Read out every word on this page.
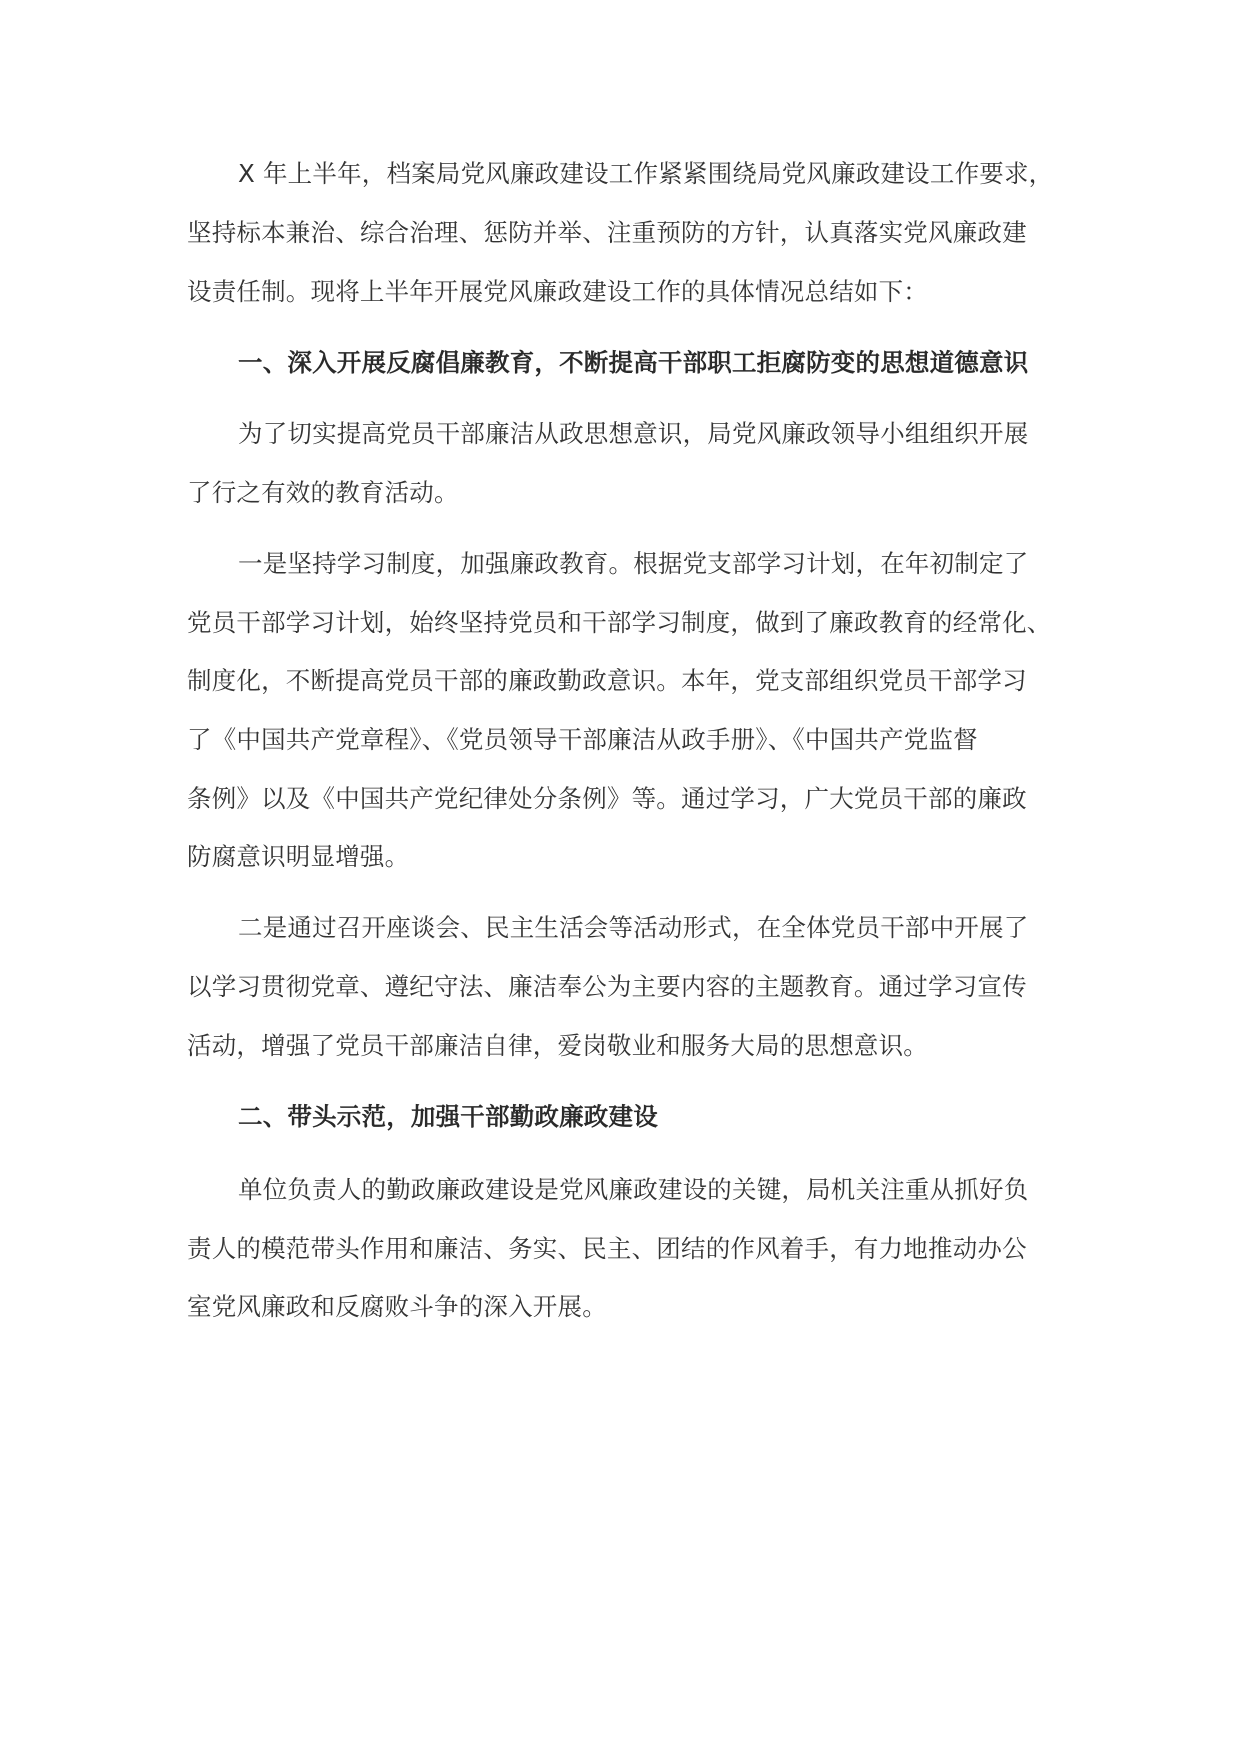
X 年上半年，档案局党风廉政建设工作紧紧围绕局党风廉政建设工作要求，

坚持标本兼治、综合治理、惩防并举、注重预防的方针，认真落实党风廉政建

设责任制。现将上半年开展党风廉政建设工作的具体情况总结如下：

一、深入开展反腐倡廉教育，不断提高干部职工拒腐防变的思想道德意识

为了切实提高党员干部廉洁从政思想意识，局党风廉政领导小组组织开展

了行之有效的教育活动。

一是坚持学习制度，加强廉政教育。根据党支部学习计划，在年初制定了

党员干部学习计划，始终坚持党员和干部学习制度，做到了廉政教育的经常化、

制度化，不断提高党员干部的廉政勤政意识。本年，党支部组织党员干部学习

了《中国共产党章程》、《党员领导干部廉洁从政手册》、《中国共产党监督

条例》以及《中国共产党纪律处分条例》等。通过学习，广大党员干部的廉政

防腐意识明显增强。

二是通过召开座谈会、民主生活会等活动形式，在全体党员干部中开展了

以学习贯彻党章、遵纪守法、廉洁奉公为主要内容的主题教育。通过学习宣传

活动，增强了党员干部廉洁自律，爱岗敬业和服务大局的思想意识。

二、带头示范，加强干部勤政廉政建设

单位负责人的勤政廉政建设是党风廉政建设的关键，局机关注重从抓好负

责人的模范带头作用和廉洁、务实、民主、团结的作风着手，有力地推动办公

室党风廉政和反腐败斗争的深入开展。
